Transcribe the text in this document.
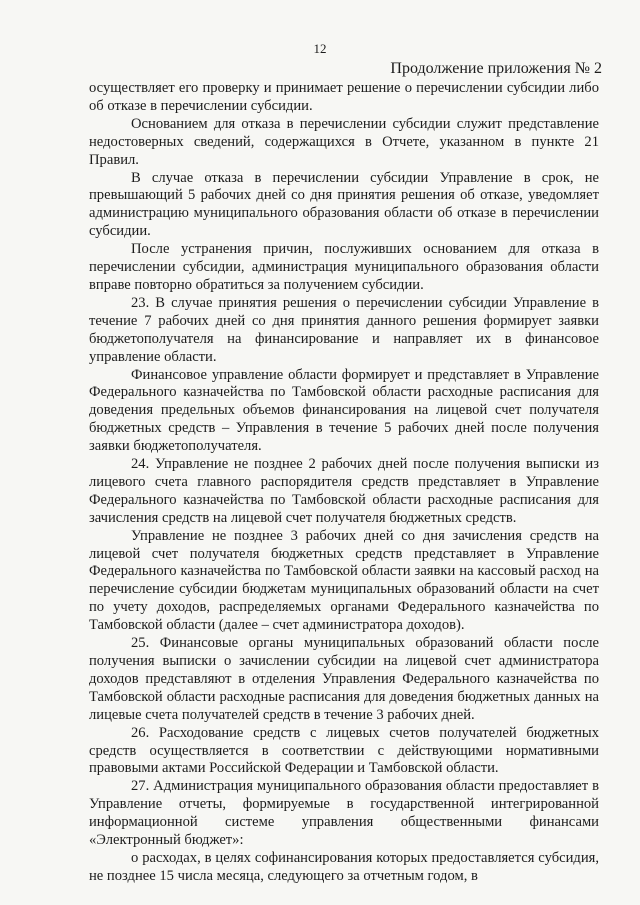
12
Продолжение приложения № 2

осуществляет его проверку и принимает решение о перечислении субсидии либо об отказе в перечислении субсидии.

Основанием для отказа в перечислении субсидии служит представление недостоверных сведений, содержащихся в Отчете, указанном в пункте 21 Правил.

В случае отказа в перечислении субсидии Управление в срок, не превышающий 5 рабочих дней со дня принятия решения об отказе, уведомляет администрацию муниципального образования области об отказе в перечислении субсидии.

После устранения причин, послуживших основанием для отказа в перечислении субсидии, администрация муниципального образования области вправе повторно обратиться за получением субсидии.

23. В случае принятия решения о перечислении субсидии Управление в течение 7 рабочих дней со дня принятия данного решения формирует заявки бюджетополучателя на финансирование и направляет их в финансовое управление области.

Финансовое управление области формирует и представляет в Управление Федерального казначейства по Тамбовской области расходные расписания для доведения предельных объемов финансирования на лицевой счет получателя бюджетных средств – Управления в течение 5 рабочих дней после получения заявки бюджетополучателя.

24. Управление не позднее 2 рабочих дней после получения выписки из лицевого счета главного распорядителя средств представляет в Управление Федерального казначейства по Тамбовской области расходные расписания для зачисления средств на лицевой счет получателя бюджетных средств.

Управление не позднее 3 рабочих дней со дня зачисления средств на лицевой счет получателя бюджетных средств представляет в Управление Федерального казначейства по Тамбовской области заявки на кассовый расход на перечисление субсидии бюджетам муниципальных образований области на счет по учету доходов, распределяемых органами Федерального казначейства по Тамбовской области (далее – счет администратора доходов).

25. Финансовые органы муниципальных образований области после получения выписки о зачислении субсидии на лицевой счет администратора доходов представляют в отделения Управления Федерального казначейства по Тамбовской области расходные расписания для доведения бюджетных данных на лицевые счета получателей средств в течение 3 рабочих дней.

26. Расходование средств с лицевых счетов получателей бюджетных средств осуществляется в соответствии с действующими нормативными правовыми актами Российской Федерации и Тамбовской области.

27. Администрация муниципального образования области предоставляет в Управление отчеты, формируемые в государственной интегрированной информационной системе управления общественными финансами «Электронный бюджет»:

о расходах, в целях софинансирования которых предоставляется субсидия, не позднее 15 числа месяца, следующего за отчетным годом, в
